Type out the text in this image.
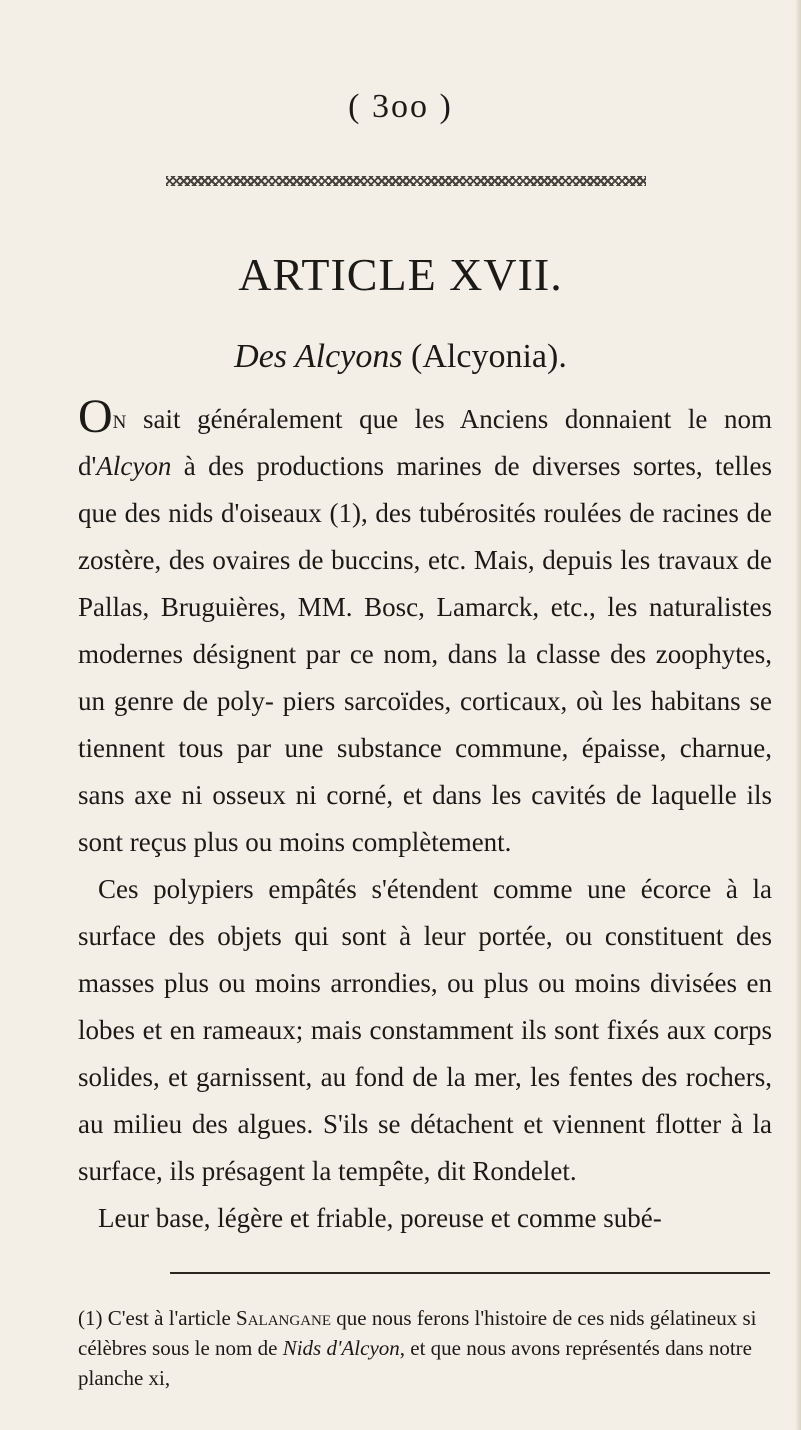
( 3oo )
ARTICLE XVII.
Des Alcyons (Alcyonia).

On sait généralement que les Anciens donnaient le nom d'Alcyon à des productions marines de diverses sortes, telles que des nids d'oiseaux (1), des tubérosités roulées de racines de zostère, des ovaires de buccins, etc. Mais, depuis les travaux de Pallas, Bruguières, MM. Bosc, Lamarck, etc., les naturalistes modernes désignent par ce nom, dans la classe des zoophytes, un genre de poly- piers sarcoïdes, corticaux, où les habitans se tiennent tous par une substance commune, épaisse, charnue, sans axe ni osseux ni corné, et dans les cavités de laquelle ils sont reçus plus ou moins complètement.

Ces polypiers empâtés s'étendent comme une écorce à la surface des objets qui sont à leur portée, ou constituent des masses plus ou moins arrondies, ou plus ou moins divisées en lobes et en rameaux; mais constamment ils sont fixés aux corps solides, et garnissent, au fond de la mer, les fentes des rochers, au milieu des algues. S'ils se détachent et viennent flotter à la surface, ils présagent la tempête, dit Rondelet.

Leur base, légère et friable, poreuse et comme subé-

(1) C'est à l'article Salangane que nous ferons l'histoire de ces nids gélatineux si célèbres sous le nom de Nids d'Alcyon, et que nous avons représentés dans notre planche xi,
